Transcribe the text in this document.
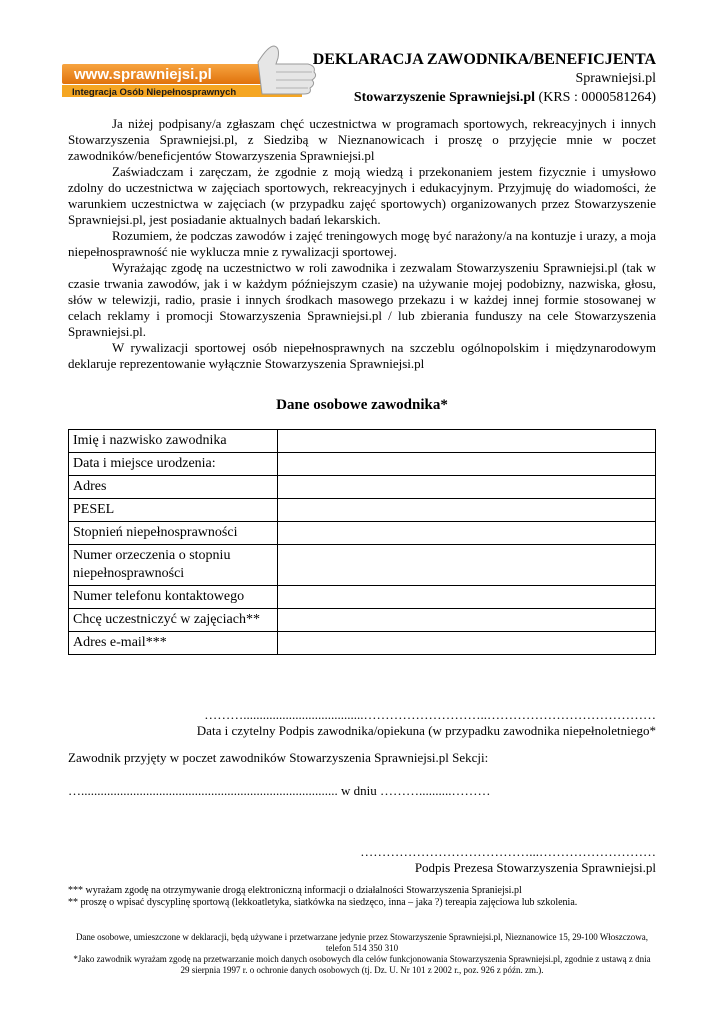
www.sprawniejsi.pl
Integracja Osób Niepełnosprawnych
DEKLARACJA ZAWODNIKA/BENEFICJENTA
Sprawniejsi.pl
Stowarzyszenie Sprawniejsi.pl (KRS : 0000581264)

Ja niżej podpisany/a zgłaszam chęć uczestnictwa w programach sportowych, rekreacyjnych i innych Stowarzyszenia Sprawniejsi.pl, z Siedzibą w Nieznanowicach i proszę o przyjęcie mnie w poczet zawodników/beneficjentów Stowarzyszenia Sprawniejsi.pl

Zaświadczam i zaręczam, że zgodnie z moją wiedzą i przekonaniem jestem fizycznie i umysłowo zdolny do uczestnictwa w zajęciach sportowych, rekreacyjnych i edukacyjnym. Przyjmuję do wiadomości, że warunkiem uczestnictwa w zajęciach (w przypadku zajęć sportowych) organizowanych przez Stowarzyszenie Sprawniejsi.pl, jest posiadanie aktualnych badań lekarskich.

Rozumiem, że podczas zawodów i zajęć treningowych mogę być narażony/a na kontuzje i urazy, a moja niepełnosprawność nie wyklucza mnie z rywalizacji sportowej.

Wyrażając zgodę na uczestnictwo w roli zawodnika i zezwalam Stowarzyszeniu Sprawniejsi.pl (tak w czasie trwania zawodów, jak i w każdym późniejszym czasie) na używanie mojej podobizny, nazwiska, głosu, słów w telewizji, radio, prasie i innych środkach masowego przekazu i w każdej innej formie stosowanej w celach reklamy i promocji Stowarzyszenia Sprawniejsi.pl / lub zbierania funduszy na cele Stowarzyszenia Sprawniejsi.pl.

W rywalizacji sportowej osób niepełnosprawnych na szczeblu ogólnopolskim i międzynarodowym deklaruje reprezentowanie wyłącznie Stowarzyszenia Sprawniejsi.pl

Dane osobowe zawodnika*
Imię i nazwisko zawodnika	
Data i miejsce urodzenia:	
Adres	
PESEL	
Stopnień niepełnosprawności	
Numer orzeczenia o stopniu niepełnosprawności	
Numer telefonu kontaktowego	
Chcę uczestniczyć w zajęciach**	
Adres e-mail***	
……….....................................………………………..…………………………………
Data i czytelny Podpis zawodnika/opiekuna (w przypadku zawodnika niepełnoletniego*
Zawodnik przyjęty w poczet zawodników Stowarzyszenia Sprawniejsi.pl Sekcji:
…............................................................................... w dniu ………..........………
…………………………………...………………………
Podpis Prezesa Stowarzyszenia Sprawniejsi.pl
*** wyrażam zgodę na otrzymywanie drogą elektroniczną informacji o działalności Stowarzyszenia Spraniejsi.pl
** proszę o wpisać dyscyplinę sportową (lekkoatletyka, siatkówka na siedzęco, inna – jaka ?) tereapia zajęciowa lub szkolenia.
Dane osobowe, umieszczone w deklaracji, będą używane i przetwarzane jedynie przez Stowarzyszenie Sprawniejsi.pl, Nieznanowice 15, 29-100 Włoszczowa, telefon 514 350 310
*Jako zawodnik wyrażam zgodę na przetwarzanie moich danych osobowych dla celów funkcjonowania Stowarzyszenia Sprawniejsi.pl, zgodnie z ustawą z dnia 29 sierpnia 1997 r. o ochronie danych osobowych (tj. Dz. U. Nr 101 z 2002 r., poz. 926 z późn. zm.).
